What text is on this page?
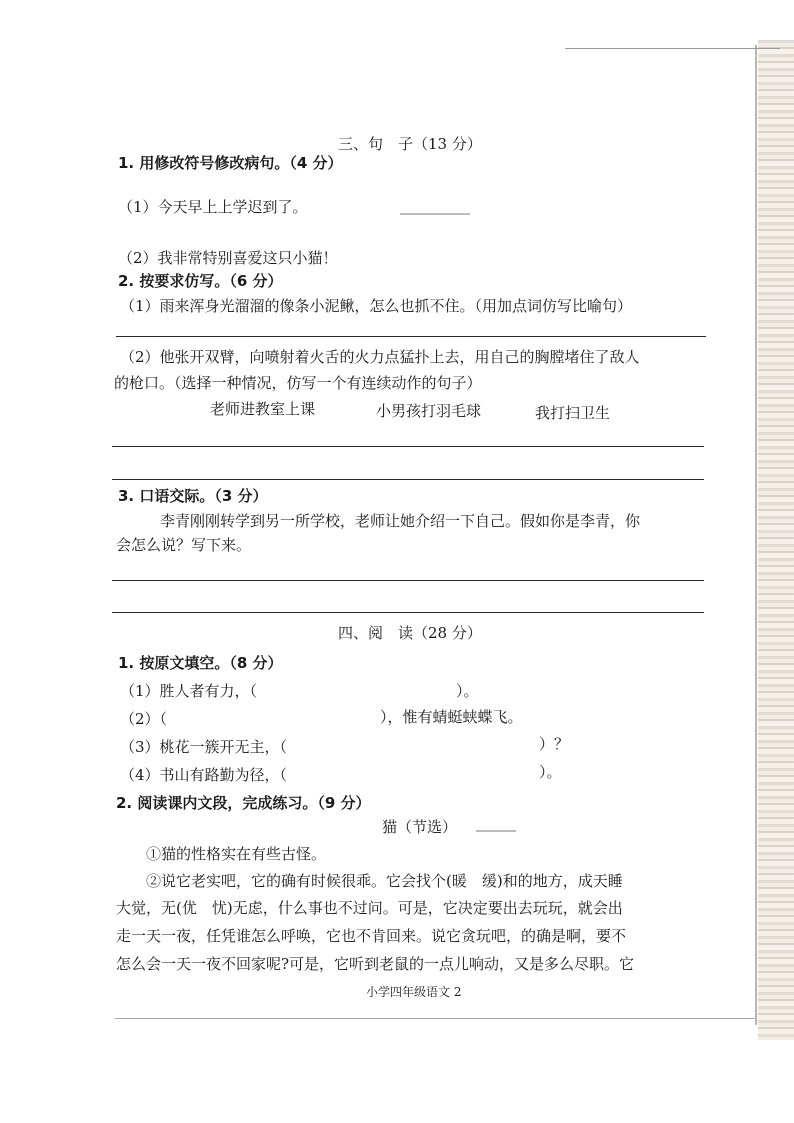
三、句　子（13 分）
1. 用修改符号修改病句。（4 分）
（1）今天早上上学迟到了。
（2）我非常特别喜爱这只小猫！
2. 按要求仿写。（6 分）
（1）雨来浑身光溜溜的像条小泥鳅，怎么也抓不住。（用加点词仿写比喻句）
（2）他张开双臂，向喷射着火舌的火力点猛扑上去，用自己的胸膛堵住了敌人
的枪口。（选择一种情况，仿写一个有连续动作的句子）
老师进教室上课	小男孩打羽毛球	我打扫卫生
3. 口语交际。（3 分）
李青刚刚转学到另一所学校，老师让她介绍一下自己。假如你是李青，你
会怎么说？写下来。
四、阅　读（28 分）
1. 按原文填空。（8 分）
（1）胜人者有力，（	）。
（2）（	），惟有蜻蜓蛱蝶飞。
（3）桃花一簇开无主，（	）？
（4）书山有路勤为径，（	）。
2. 阅读课内文段，完成练习。（9 分）
猫（节选）
①猫的性格实在有些古怪。
②说它老实吧，它的确有时候很乖。它会找个(暖　缓)和的地方，成天睡
大觉，无(优　忧)无虑，什么事也不过问。可是，它决定要出去玩玩，就会出
走一天一夜，任凭谁怎么呼唤，它也不肯回来。说它贪玩吧，的确是啊，要不
怎么会一天一夜不回家呢?可是，它听到老鼠的一点儿响动，又是多么尽职。它
小学四年级语文 2
